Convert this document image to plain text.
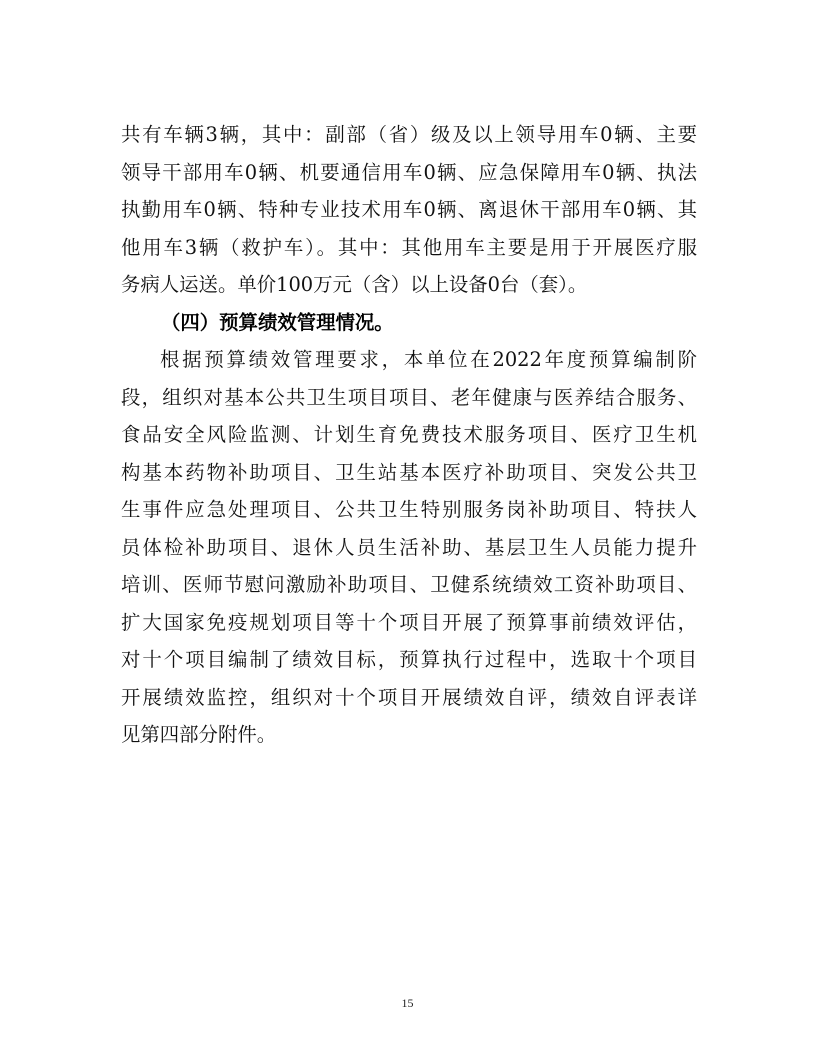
共有车辆3辆，其中：副部（省）级及以上领导用车0辆、主要
领导干部用车0辆、机要通信用车0辆、应急保障用车0辆、执法
执勤用车0辆、特种专业技术用车0辆、离退休干部用车0辆、其
他用车3辆（救护车）。其中：其他用车主要是用于开展医疗服
务病人运送。单价100万元（含）以上设备0台（套）。
（四）预算绩效管理情况。
根据预算绩效管理要求，本单位在2022年度预算编制阶
段，组织对基本公共卫生项目项目、老年健康与医养结合服务、
食品安全风险监测、计划生育免费技术服务项目、医疗卫生机
构基本药物补助项目、卫生站基本医疗补助项目、突发公共卫
生事件应急处理项目、公共卫生特别服务岗补助项目、特扶人
员体检补助项目、退休人员生活补助、基层卫生人员能力提升
培训、医师节慰问激励补助项目、卫健系统绩效工资补助项目、
扩大国家免疫规划项目等十个项目开展了预算事前绩效评估，
对十个项目编制了绩效目标，预算执行过程中，选取十个项目
开展绩效监控，组织对十个项目开展绩效自评，绩效自评表详
见第四部分附件。
15
